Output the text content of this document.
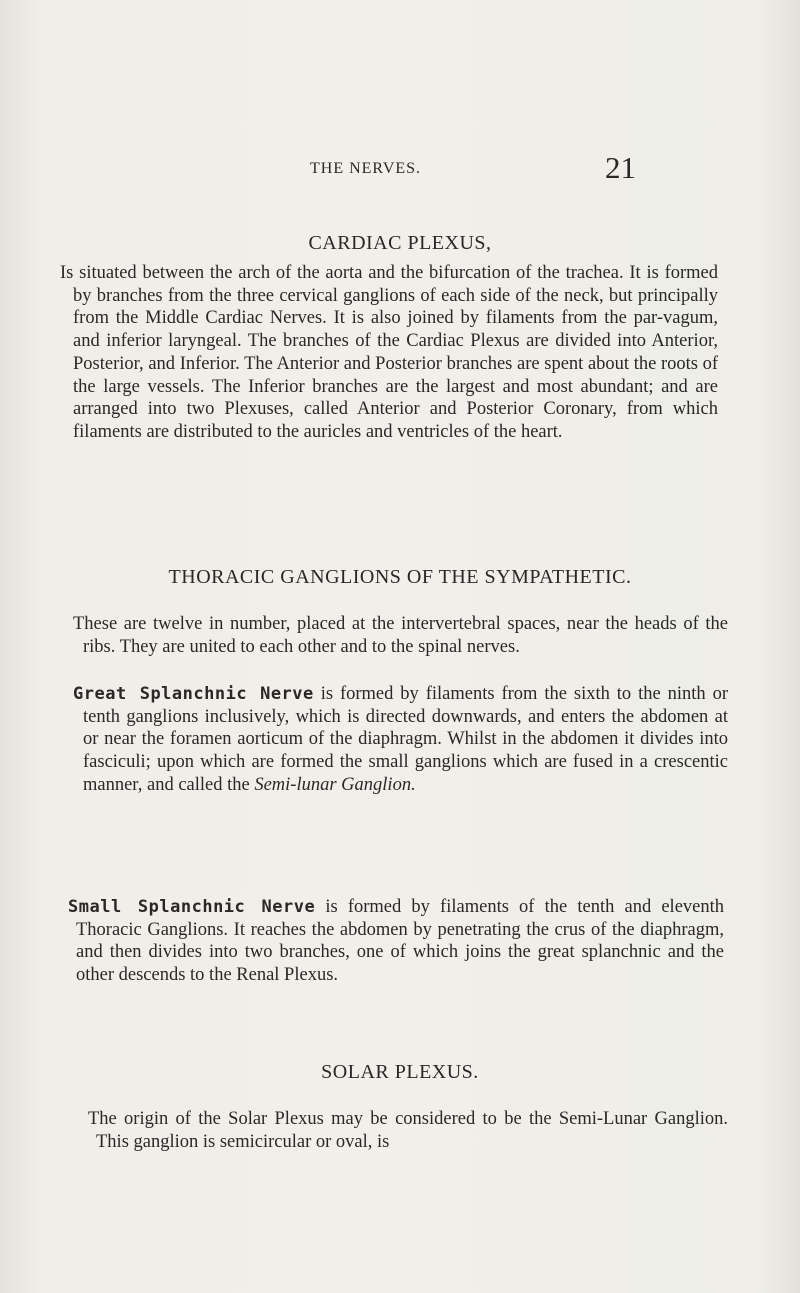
THE NERVES.	21
CARDIAC PLEXUS,

Is situated between the arch of the aorta and the bifurcation of the trachea. It is formed by branches from the three cervical ganglions of each side of the neck, but principally from the Middle Cardiac Nerves. It is also joined by filaments from the par-vagum, and inferior laryngeal. The branches of the Cardiac Plexus are divided into Anterior, Posterior, and Inferior. The Anterior and Posterior branches are spent about the roots of the large vessels. The Inferior branches are the largest and most abundant; and are arranged into two Plexuses, called Anterior and Posterior Coronary, from which filaments are distributed to the auricles and ventricles of the heart.

THORACIC GANGLIONS OF THE SYMPATHETIC.

These are twelve in number, placed at the intervertebral spaces, near the heads of the ribs. They are united to each other and to the spinal nerves.

Great Splanchnic Nerve is formed by filaments from the sixth to the ninth or tenth ganglions inclusively, which is directed downwards, and enters the abdomen at or near the foramen aorticum of the diaphragm. Whilst in the abdomen it divides into fasciculi; upon which are formed the small ganglions which are fused in a crescentic manner, and called the Semi-lunar Ganglion.

Small Splanchnic Nerve is formed by filaments of the tenth and eleventh Thoracic Ganglions. It reaches the abdomen by penetrating the crus of the diaphragm, and then divides into two branches, one of which joins the great splanchnic and the other descends to the Renal Plexus.

SOLAR PLEXUS.

The origin of the Solar Plexus may be considered to be the Semi-Lunar Ganglion. This ganglion is semicircular or oval, is
